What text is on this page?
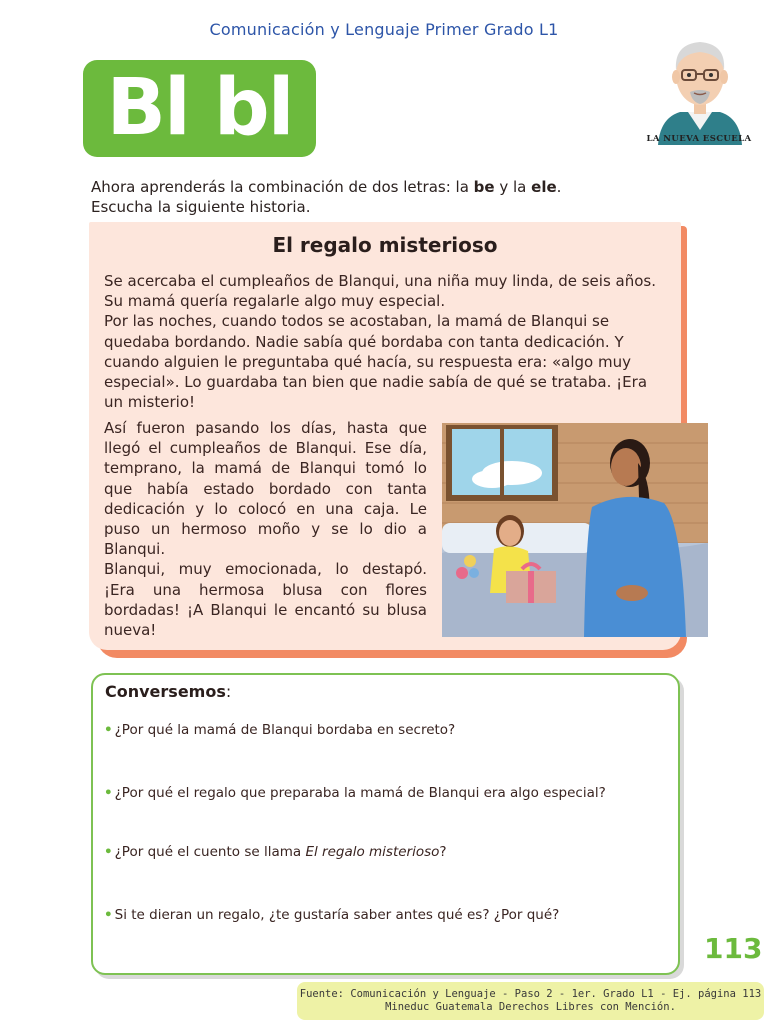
Comunicación y Lenguaje Primer Grado L1
Bl bl	LA NUEVA ESCUELA
Ahora aprenderás la combinación de dos letras: la be y la ele.
Escucha la siguiente historia.
El regalo misterioso

Se acercaba el cumpleaños de Blanqui, una niña muy linda, de seis años. Su mamá quería regalarle algo muy especial.

Por las noches, cuando todos se acostaban, la mamá de Blanqui se quedaba bordando. Nadie sabía qué bordaba con tanta dedicación. Y cuando alguien le preguntaba qué hacía, su respuesta era: «algo muy especial». Lo guardaba tan bien que nadie sabía de qué se trataba. ¡Era un misterio!

Así fueron pasando los días, hasta que llegó el cumpleaños de Blanqui. Ese día, temprano, la mamá de Blanqui tomó lo que había estado bordado con tanta dedicación y lo colocó en una caja. Le puso un hermoso moño y se lo dio a Blanqui.

Blanqui, muy emocionada, lo destapó. ¡Era una hermosa blusa con flores bordadas! ¡A Blanqui le encantó su blusa nueva!

Conversemos:
• ¿Por qué la mamá de Blanqui bordaba en secreto?
• ¿Por qué el regalo que preparaba la mamá de Blanqui era algo especial?
• ¿Por qué el cuento se llama El regalo misterioso?
• Si te dieran un regalo, ¿te gustaría saber antes qué es? ¿Por qué?
113
Fuente: Comunicación y Lenguaje - Paso 2 - 1er. Grado L1 - Ej. página 113
Mineduc Guatemala Derechos Libres con Mención.
